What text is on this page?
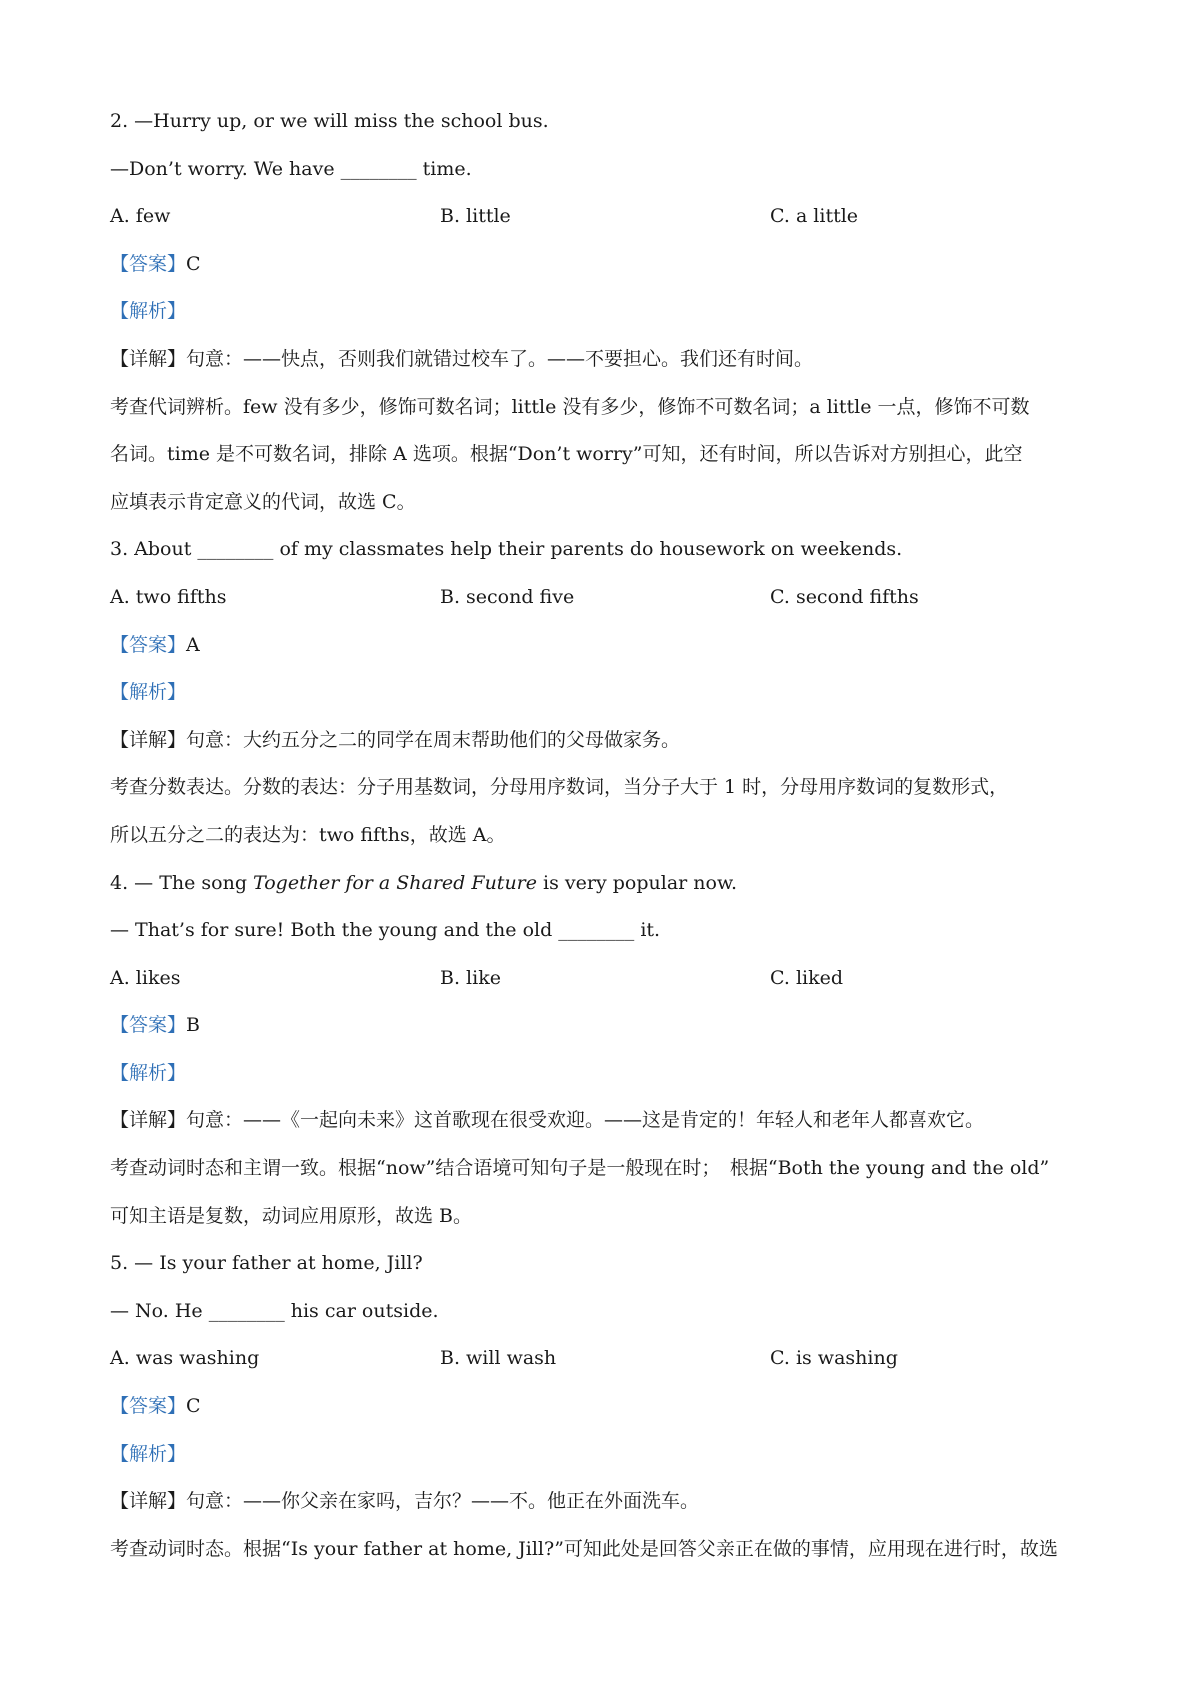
2. —Hurry up, or we will miss the school bus.
—Don’t worry. We have ________ time.
A. few	B. little	C. a little
【答案】C
【解析】
【详解】句意：——快点，否则我们就错过校车了。——不要担心。我们还有时间。
考查代词辨析。few 没有多少，修饰可数名词；little 没有多少，修饰不可数名词；a little 一点，修饰不可数
名词。time 是不可数名词，排除 A 选项。根据“Don’t worry”可知，还有时间，所以告诉对方别担心，此空
应填表示肯定意义的代词，故选 C。
3. About ________ of my classmates help their parents do housework on weekends.
A. two fifths	B. second five	C. second fifths
【答案】A
【解析】
【详解】句意：大约五分之二的同学在周末帮助他们的父母做家务。
考查分数表达。分数的表达：分子用基数词，分母用序数词，当分子大于 1 时，分母用序数词的复数形式，
所以五分之二的表达为：two fifths，故选 A。
4. — The song Together for a Shared Future is very popular now.
— That’s for sure! Both the young and the old ________ it.
A. likes	B. like	C. liked
【答案】B
【解析】
【详解】句意：——《一起向未来》这首歌现在很受欢迎。——这是肯定的！年轻人和老年人都喜欢它。
考查动词时态和主谓一致。根据“now”结合语境可知句子是一般现在时；　根据“Both the young and the old”
可知主语是复数，动词应用原形，故选 B。
5. — Is your father at home, Jill?
— No. He ________ his car outside.
A. was washing	B. will wash	C. is washing
【答案】C
【解析】
【详解】句意：——你父亲在家吗，吉尔？——不。他正在外面洗车。
考查动词时态。根据“Is your father at home, Jill?”可知此处是回答父亲正在做的事情，应用现在进行时，故选
